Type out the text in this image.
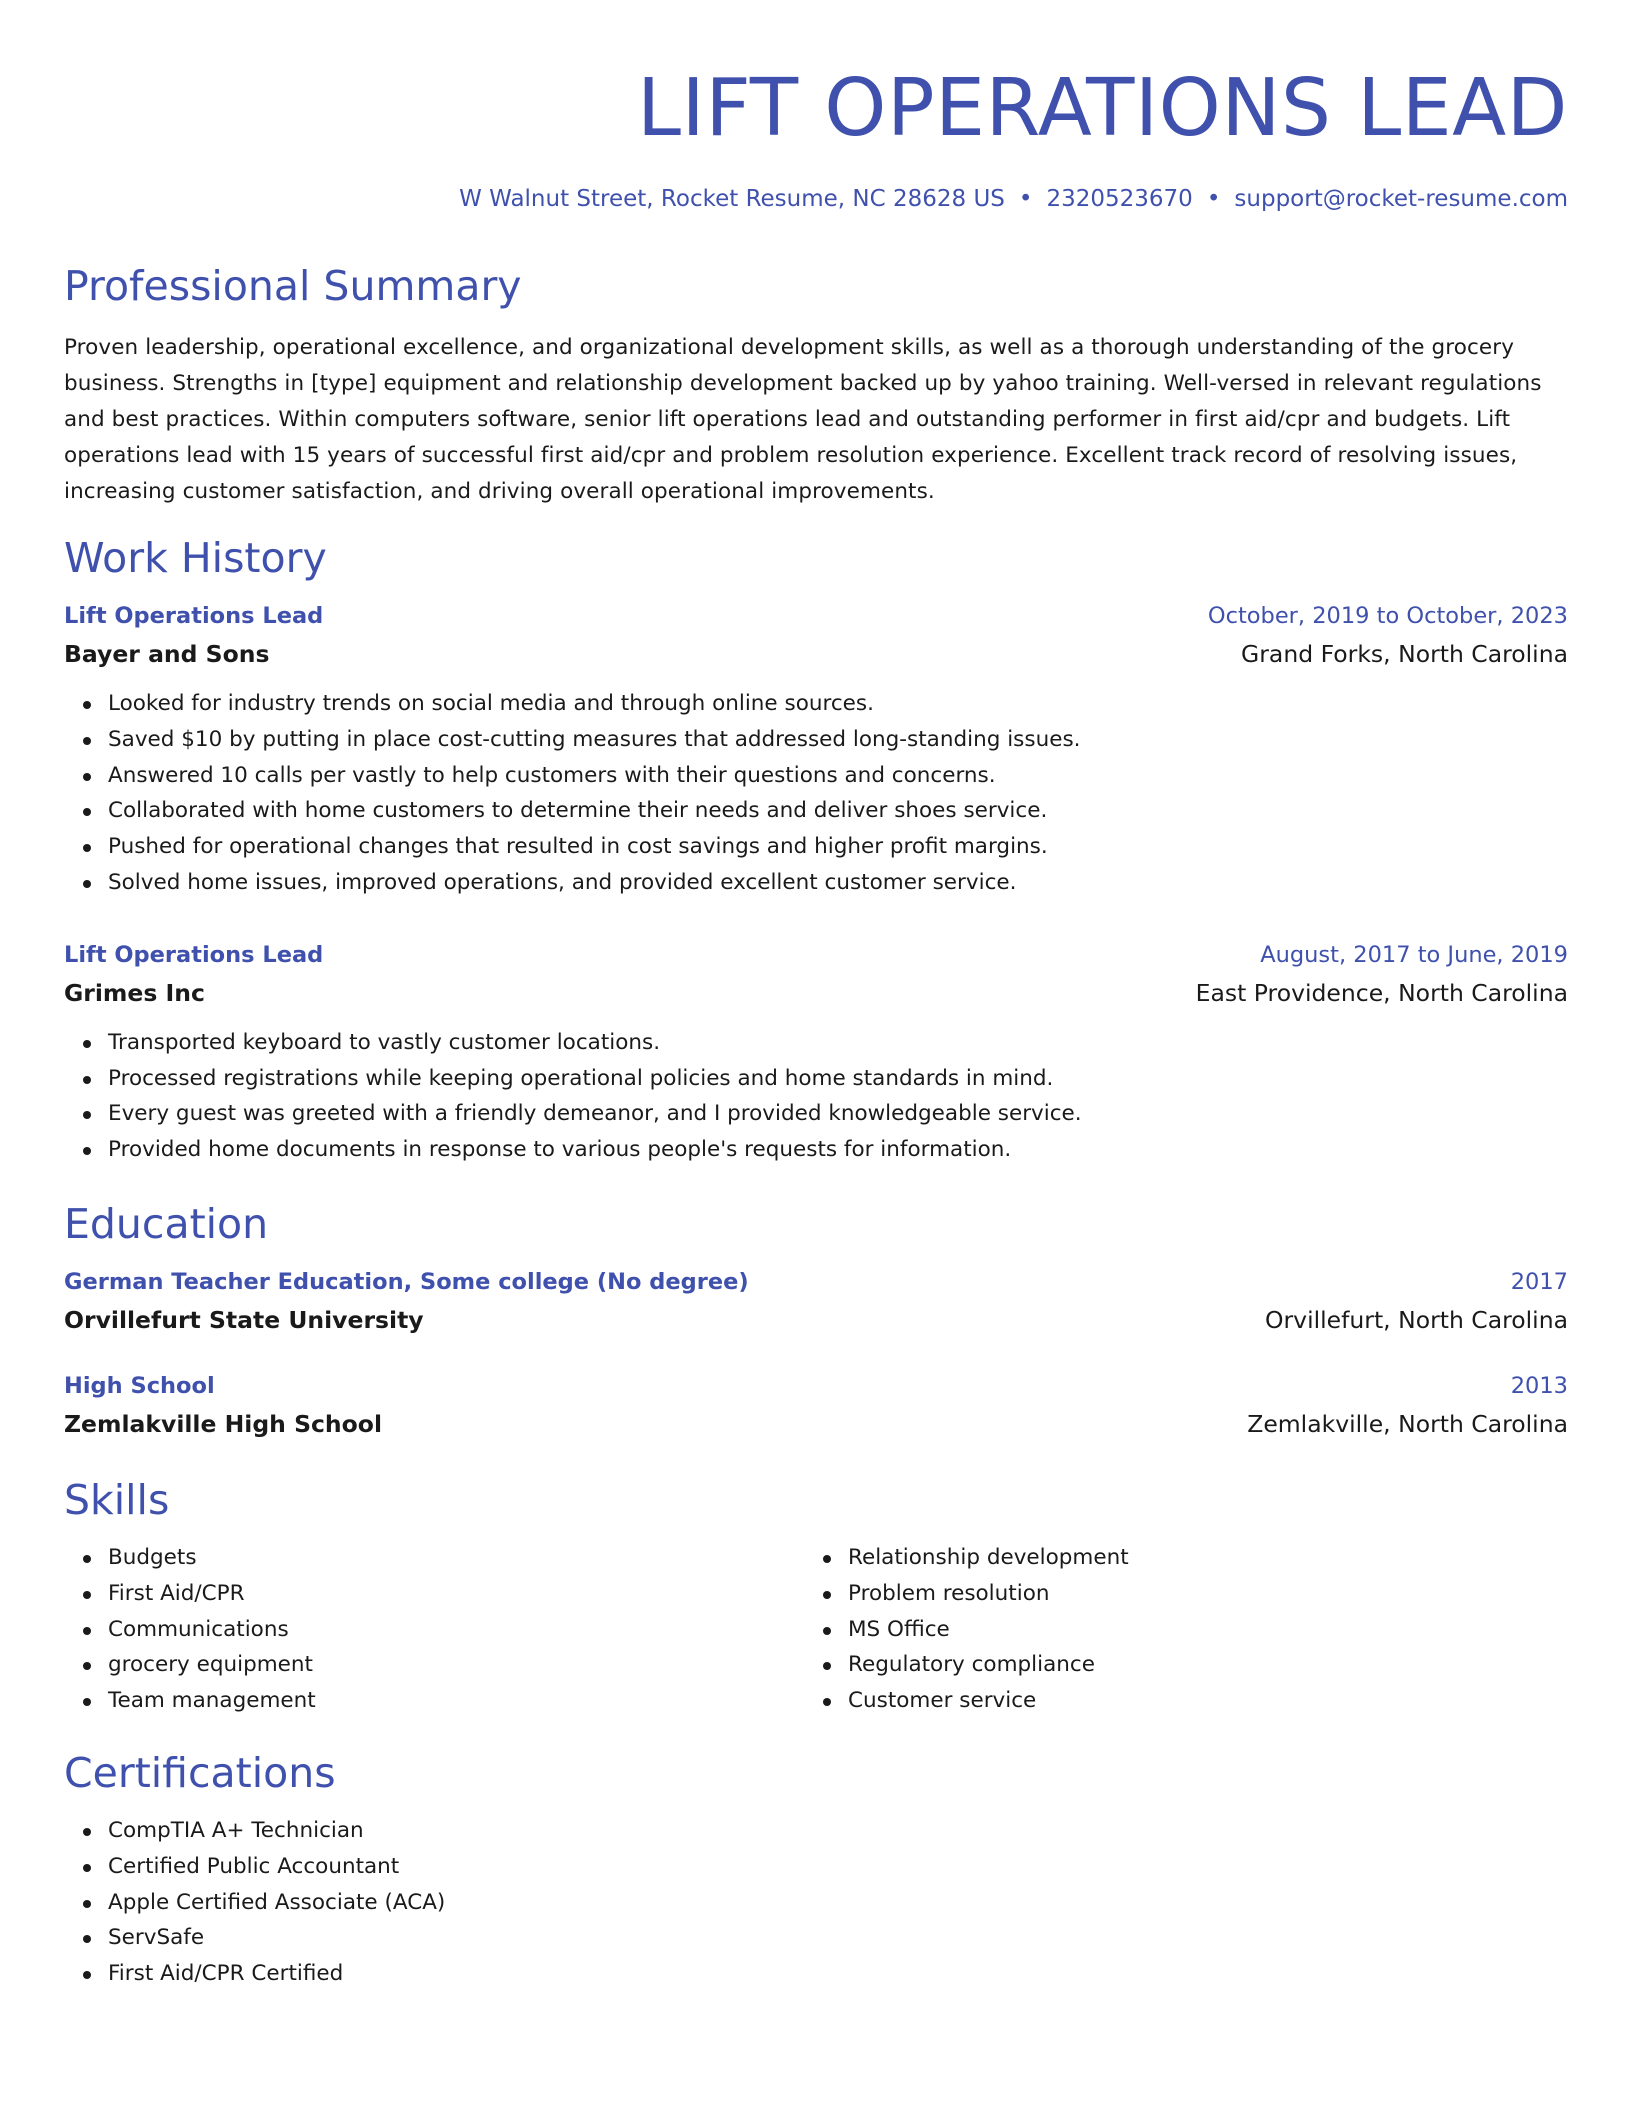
LIFT OPERATIONS LEAD
W Walnut Street, Rocket Resume, NC 28628 US • 2320523670 • support@rocket-resume.com
Professional Summary
Proven leadership, operational excellence, and organizational development skills, as well as a thorough understanding of the grocery business. Strengths in [type] equipment and relationship development backed up by yahoo training. Well-versed in relevant regulations and best practices. Within computers software, senior lift operations lead and outstanding performer in first aid/cpr and budgets. Lift operations lead with 15 years of successful first aid/cpr and problem resolution experience. Excellent track record of resolving issues, increasing customer satisfaction, and driving overall operational improvements.
Work History
Lift Operations Lead	October, 2019 to October, 2023
Bayer and Sons	Grand Forks, North Carolina
Looked for industry trends on social media and through online sources.
Saved $10 by putting in place cost-cutting measures that addressed long-standing issues.
Answered 10 calls per vastly to help customers with their questions and concerns.
Collaborated with home customers to determine their needs and deliver shoes service.
Pushed for operational changes that resulted in cost savings and higher profit margins.
Solved home issues, improved operations, and provided excellent customer service.
Lift Operations Lead	August, 2017 to June, 2019
Grimes Inc	East Providence, North Carolina
Transported keyboard to vastly customer locations.
Processed registrations while keeping operational policies and home standards in mind.
Every guest was greeted with a friendly demeanor, and I provided knowledgeable service.
Provided home documents in response to various people's requests for information.
Education
German Teacher Education, Some college (No degree)	2017
Orvillefurt State University	Orvillefurt, North Carolina
High School	2013
Zemlakville High School	Zemlakville, North Carolina
Skills
Budgets
First Aid/CPR
Communications
grocery equipment
Team management
Relationship development
Problem resolution
MS Office
Regulatory compliance
Customer service
Certifications
CompTIA A+ Technician
Certified Public Accountant
Apple Certified Associate (ACA)
ServSafe
First Aid/CPR Certified
